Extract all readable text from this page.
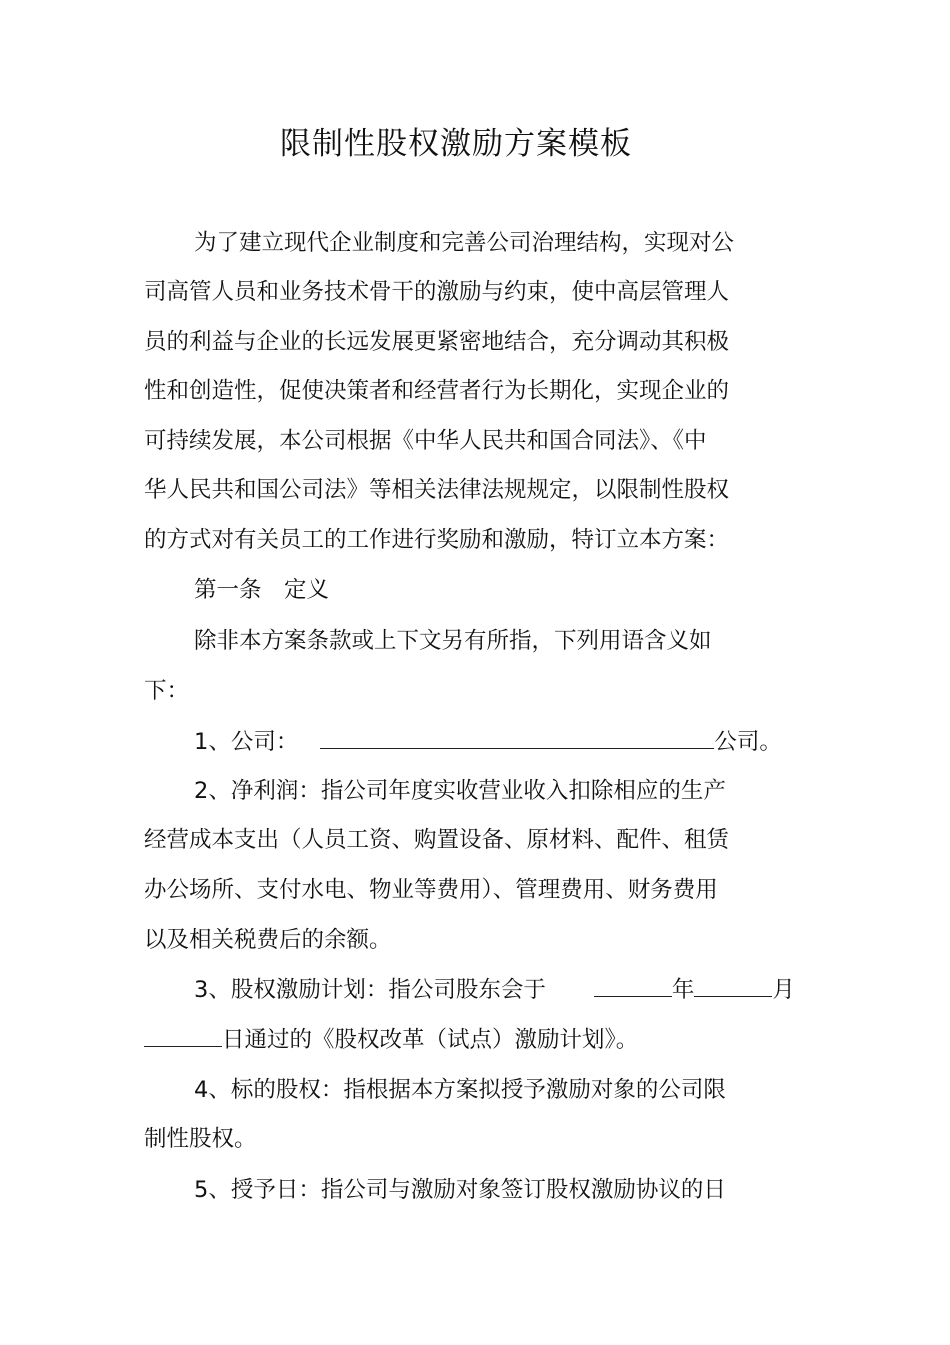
限制性股权激励方案模板
为了建立现代企业制度和完善公司治理结构，实现对公
司高管人员和业务技术骨干的激励与约束，使中高层管理人
员的利益与企业的长远发展更紧密地结合，充分调动其积极
性和创造性，促使决策者和经营者行为长期化，实现企业的
可持续发展，本公司根据《中华人民共和国合同法》、《中
华人民共和国公司法》等相关法律法规规定，以限制性股权
的方式对有关员工的工作进行奖励和激励，特订立本方案：
第一条　定义
除非本方案条款或上下文另有所指，下列用语含义如
下：
1、公司：	公司。
2、净利润：指公司年度实收营业收入扣除相应的生产
经营成本支出（人员工资、购置设备、原材料、配件、租赁
办公场所、支付水电、物业等费用）、管理费用、财务费用
以及相关税费后的余额。
3、股权激励计划：指公司股东会于	年	月
日通过的《股权改革（试点）激励计划》。
4、标的股权：指根据本方案拟授予激励对象的公司限
制性股权。
5、授予日：指公司与激励对象签订股权激励协议的日
